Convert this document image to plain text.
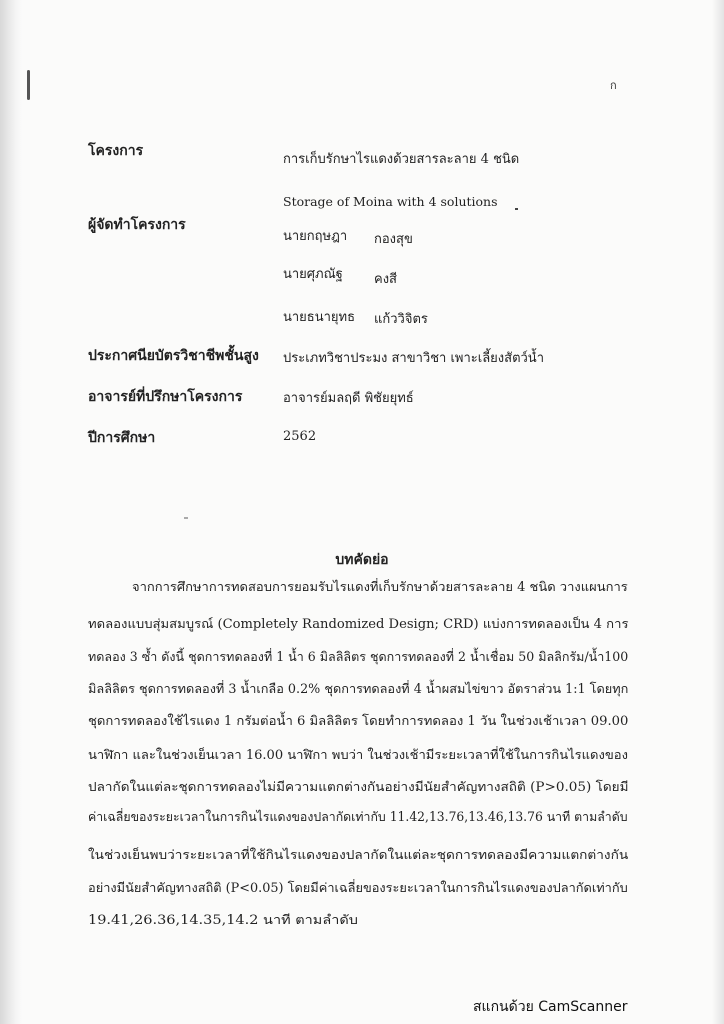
ก
โครงการ
การเก็บรักษาไรแดงด้วยสารละลาย 4 ชนิด
Storage of Moina with 4 solutions
ผู้จัดทำโครงการ
นายกฤษฎา กองสุข
นายศุภณัฐ คงสี
นายธนายุทธ แก้ววิจิตร
ประกาศนียบัตรวิชาชีพชั้นสูง ประเภทวิชาประมง สาขาวิชา เพาะเลี้ยงสัตว์น้ำ
อาจารย์ที่ปรึกษาโครงการ	อาจารย์มลฤดี พิชัยยุทธ์
ปีการศึกษา	2562
บทคัดย่อ
จากการศึกษาการทดสอบการยอมรับไรแดงที่เก็บรักษาด้วยสารละลาย 4 ชนิด วางแผนการ
ทดลองแบบสุ่มสมบูรณ์ (Completely Randomized Design; CRD) แบ่งการทดลองเป็น 4 การ
ทดลอง 3 ซ้ำ ดังนี้ ชุดการทดลองที่ 1 น้ำ 6 มิลลิลิตร ชุดการทดลองที่ 2 น้ำเชื่อม 50 มิลลิกรัม/น้ำ100
มิลลิลิตร ชุดการทดลองที่ 3 น้ำเกลือ 0.2% ชุดการทดลองที่ 4 น้ำผสมไข่ขาว อัตราส่วน 1:1 โดยทุก
ชุดการทดลองใช้ไรแดง 1 กรัมต่อน้ำ 6 มิลลิลิตร โดยทำการทดลอง 1 วัน ในช่วงเช้าเวลา 09.00
นาฬิกา และในช่วงเย็นเวลา 16.00 นาฬิกา พบว่า ในช่วงเช้ามีระยะเวลาที่ใช้ในการกินไรแดงของ
ปลากัดในแต่ละชุดการทดลองไม่มีความแตกต่างกันอย่างมีนัยสำคัญทางสถิติ (P>0.05) โดยมี
ค่าเฉลี่ยของระยะเวลาในการกินไรแดงของปลากัดเท่ากับ 11.42,13.76,13.46,13.76 นาที ตามลำดับ
ในช่วงเย็นพบว่าระยะเวลาที่ใช้กินไรแดงของปลากัดในแต่ละชุดการทดลองมีความแตกต่างกัน
อย่างมีนัยสำคัญทางสถิติ (P<0.05) โดยมีค่าเฉลี่ยของระยะเวลาในการกินไรแดงของปลากัดเท่ากับ
19.41,26.36,14.35,14.2 นาที ตามลำดับ
สแกนด้วย CamScanner
